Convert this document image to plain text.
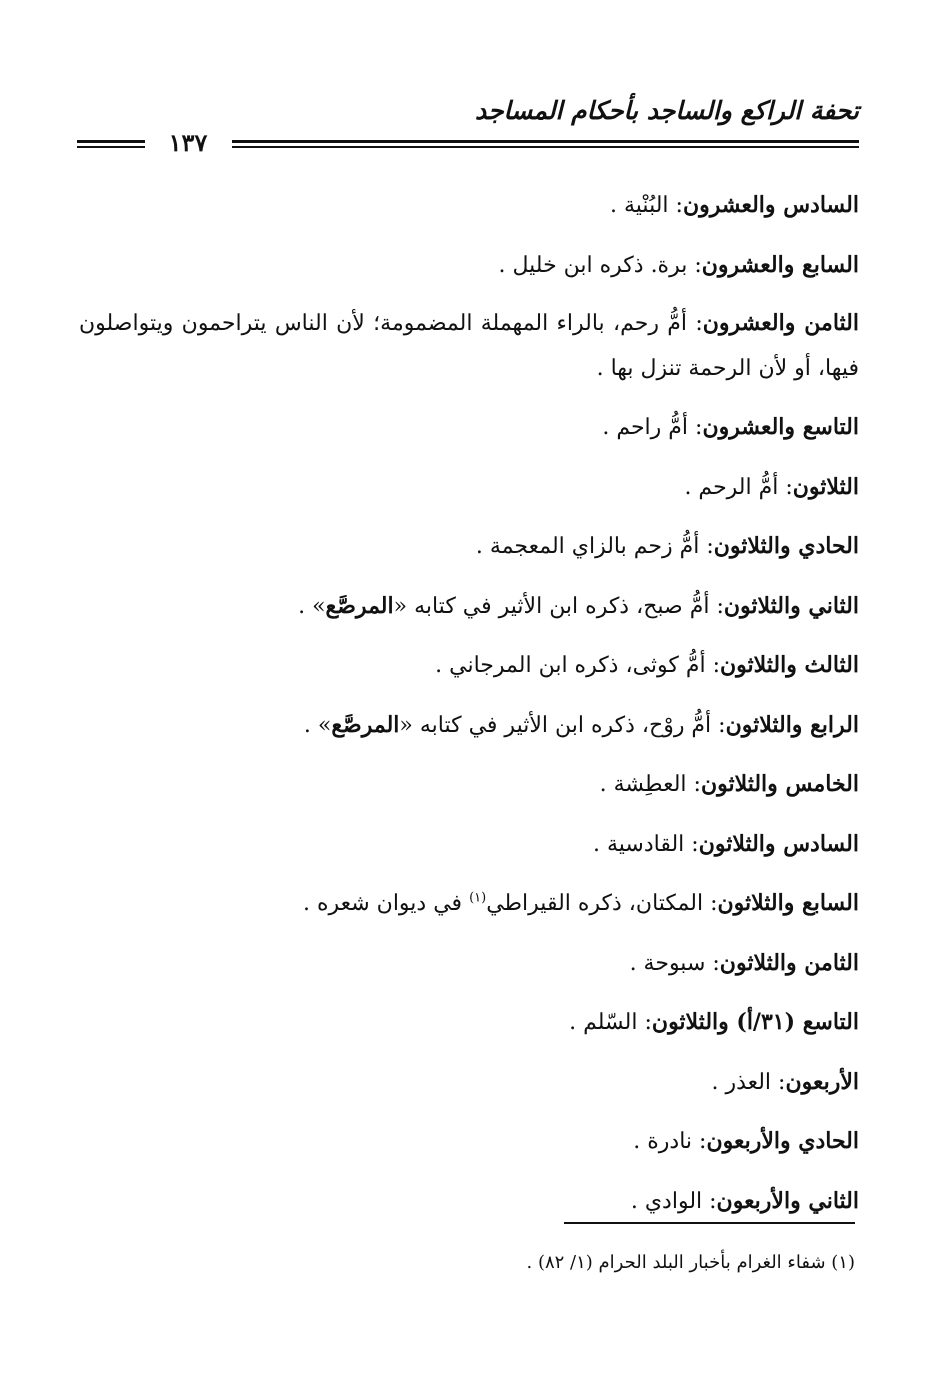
تحفة الراكع والساجد بأحكام المساجد
١٣٧

السادس والعشرون: البُنْية .

السابع والعشرون: برة. ذكره ابن خليل .

الثامن والعشرون: أمُّ رحم، بالراء المهملة المضمومة؛ لأن الناس يتراحمون ويتواصلون فيها، أو لأن الرحمة تنزل بها .

التاسع والعشرون: أمُّ راحم .

الثلاثون: أمُّ الرحم .

الحادي والثلاثون: أمُّ زحم بالزاي المعجمة .

الثاني والثلاثون: أمُّ صبح، ذكره ابن الأثير في كتابه «المرصَّع» .

الثالث والثلاثون: أمُّ كوثى، ذكره ابن المرجاني .

الرابع والثلاثون: أمُّ روْح، ذكره ابن الأثير في كتابه «المرصَّع» .

الخامس والثلاثون: العطِشة .

السادس والثلاثون: القادسية .

السابع والثلاثون: المكتان، ذكره القيراطي$^{(١)}$ في ديوان شعره .

الثامن والثلاثون: سبوحة .

التاسع (٣١/أ) والثلاثون: السّلم .

الأربعون: العذر .

الحادي والأربعون: نادرة .

الثاني والأربعون: الوادي .

(١) شفاء الغرام بأخبار البلد الحرام (١/ ٨٢) .
